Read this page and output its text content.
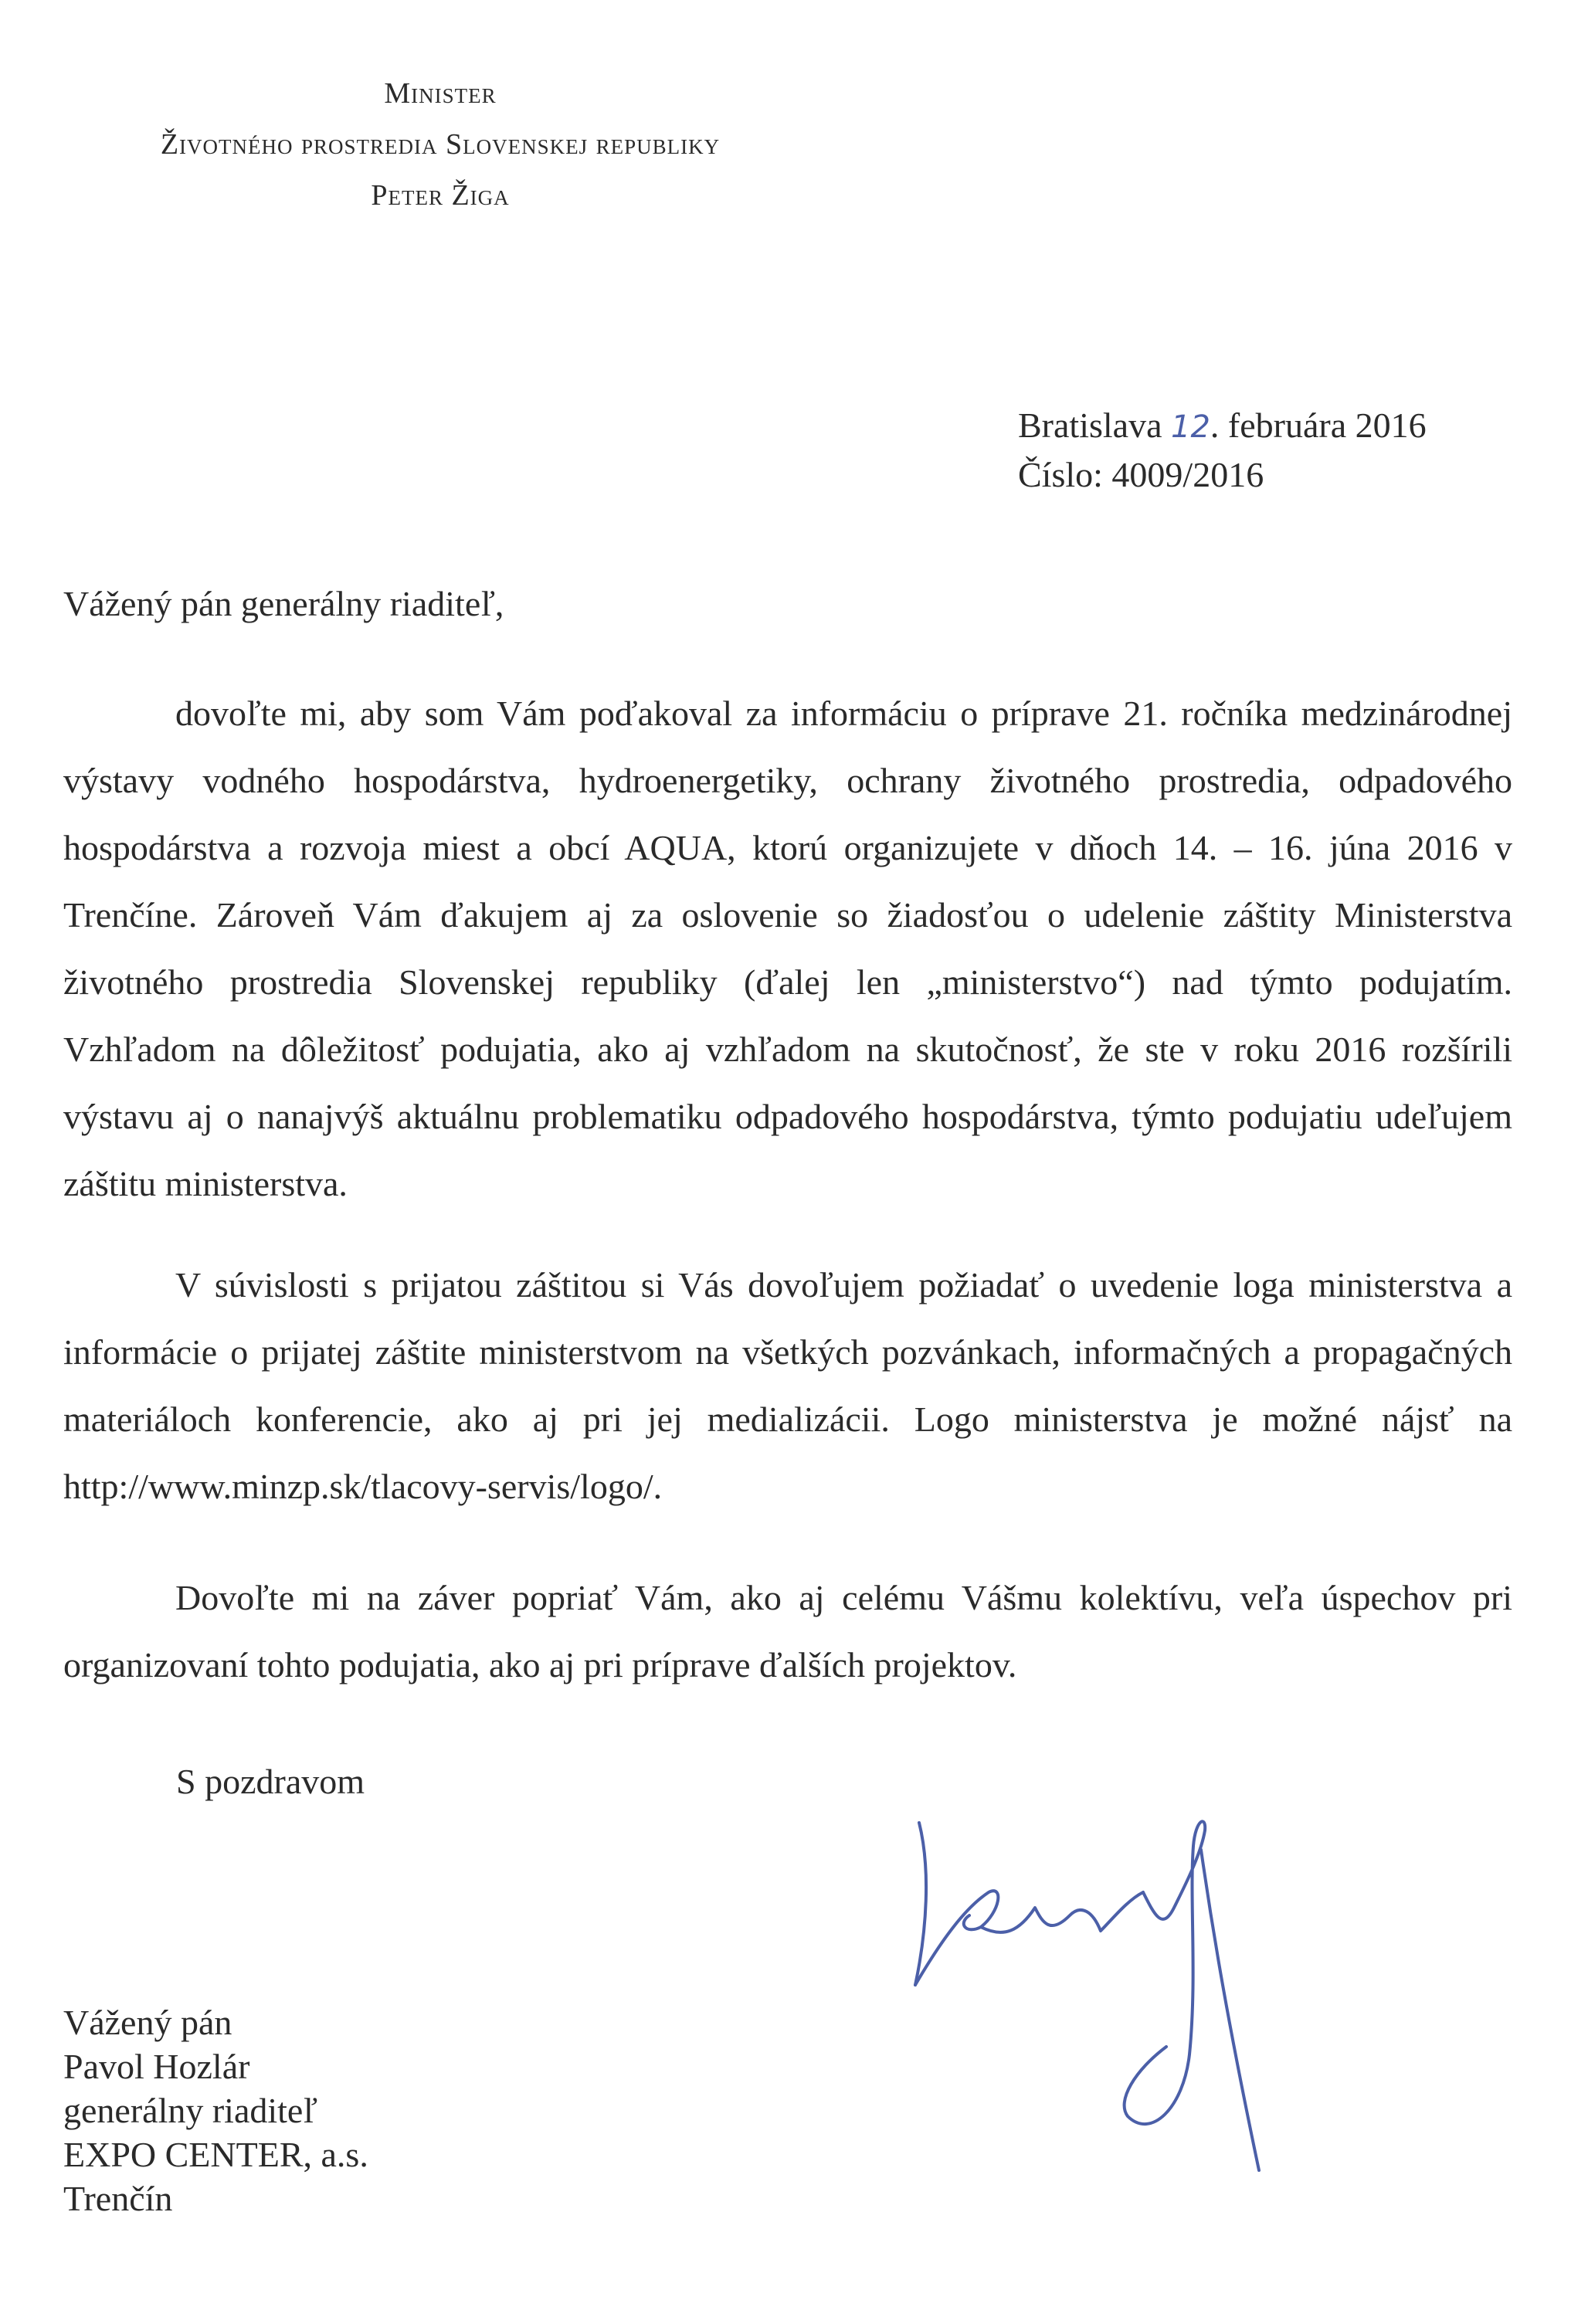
Minister
Životného prostredia Slovenskej republiky
Peter Žiga
Bratislava 12. februára 2016
Číslo: 4009/2016
Vážený pán generálny riaditeľ,

dovoľte mi, aby som Vám poďakoval za informáciu o príprave 21. ročníka medzinárodnej výstavy vodného hospodárstva, hydroenergetiky, ochrany životného prostredia, odpadového hospodárstva a rozvoja miest a obcí AQUA, ktorú organizujete v dňoch 14. – 16. júna 2016 v Trenčíne. Zároveň Vám ďakujem aj za oslovenie so žiadosťou o udelenie záštity Ministerstva životného prostredia Slovenskej republiky (ďalej len „ministerstvo“) nad týmto podujatím. Vzhľadom na dôležitosť podujatia, ako aj vzhľadom na skutočnosť, že ste v roku 2016 rozšírili výstavu aj o nanajvýš aktuálnu problematiku odpadového hospodárstva, týmto podujatiu udeľujem záštitu ministerstva.

V súvislosti s prijatou záštitou si Vás dovoľujem požiadať o uvedenie loga ministerstva a informácie o prijatej záštite ministerstvom na všetkých pozvánkach, informačných a propagačných materiáloch konferencie, ako aj pri jej medializácii. Logo ministerstva je možné nájsť na http://www.minzp.sk/tlacovy-servis/logo/.

Dovoľte mi na záver popriať Vám, ako aj celému Vášmu kolektívu, veľa úspechov pri organizovaní tohto podujatia, ako aj pri príprave ďalších projektov.

S pozdravom
Vážený pán
Pavol Hozlár
generálny riaditeľ
EXPO CENTER, a.s.
Trenčín
